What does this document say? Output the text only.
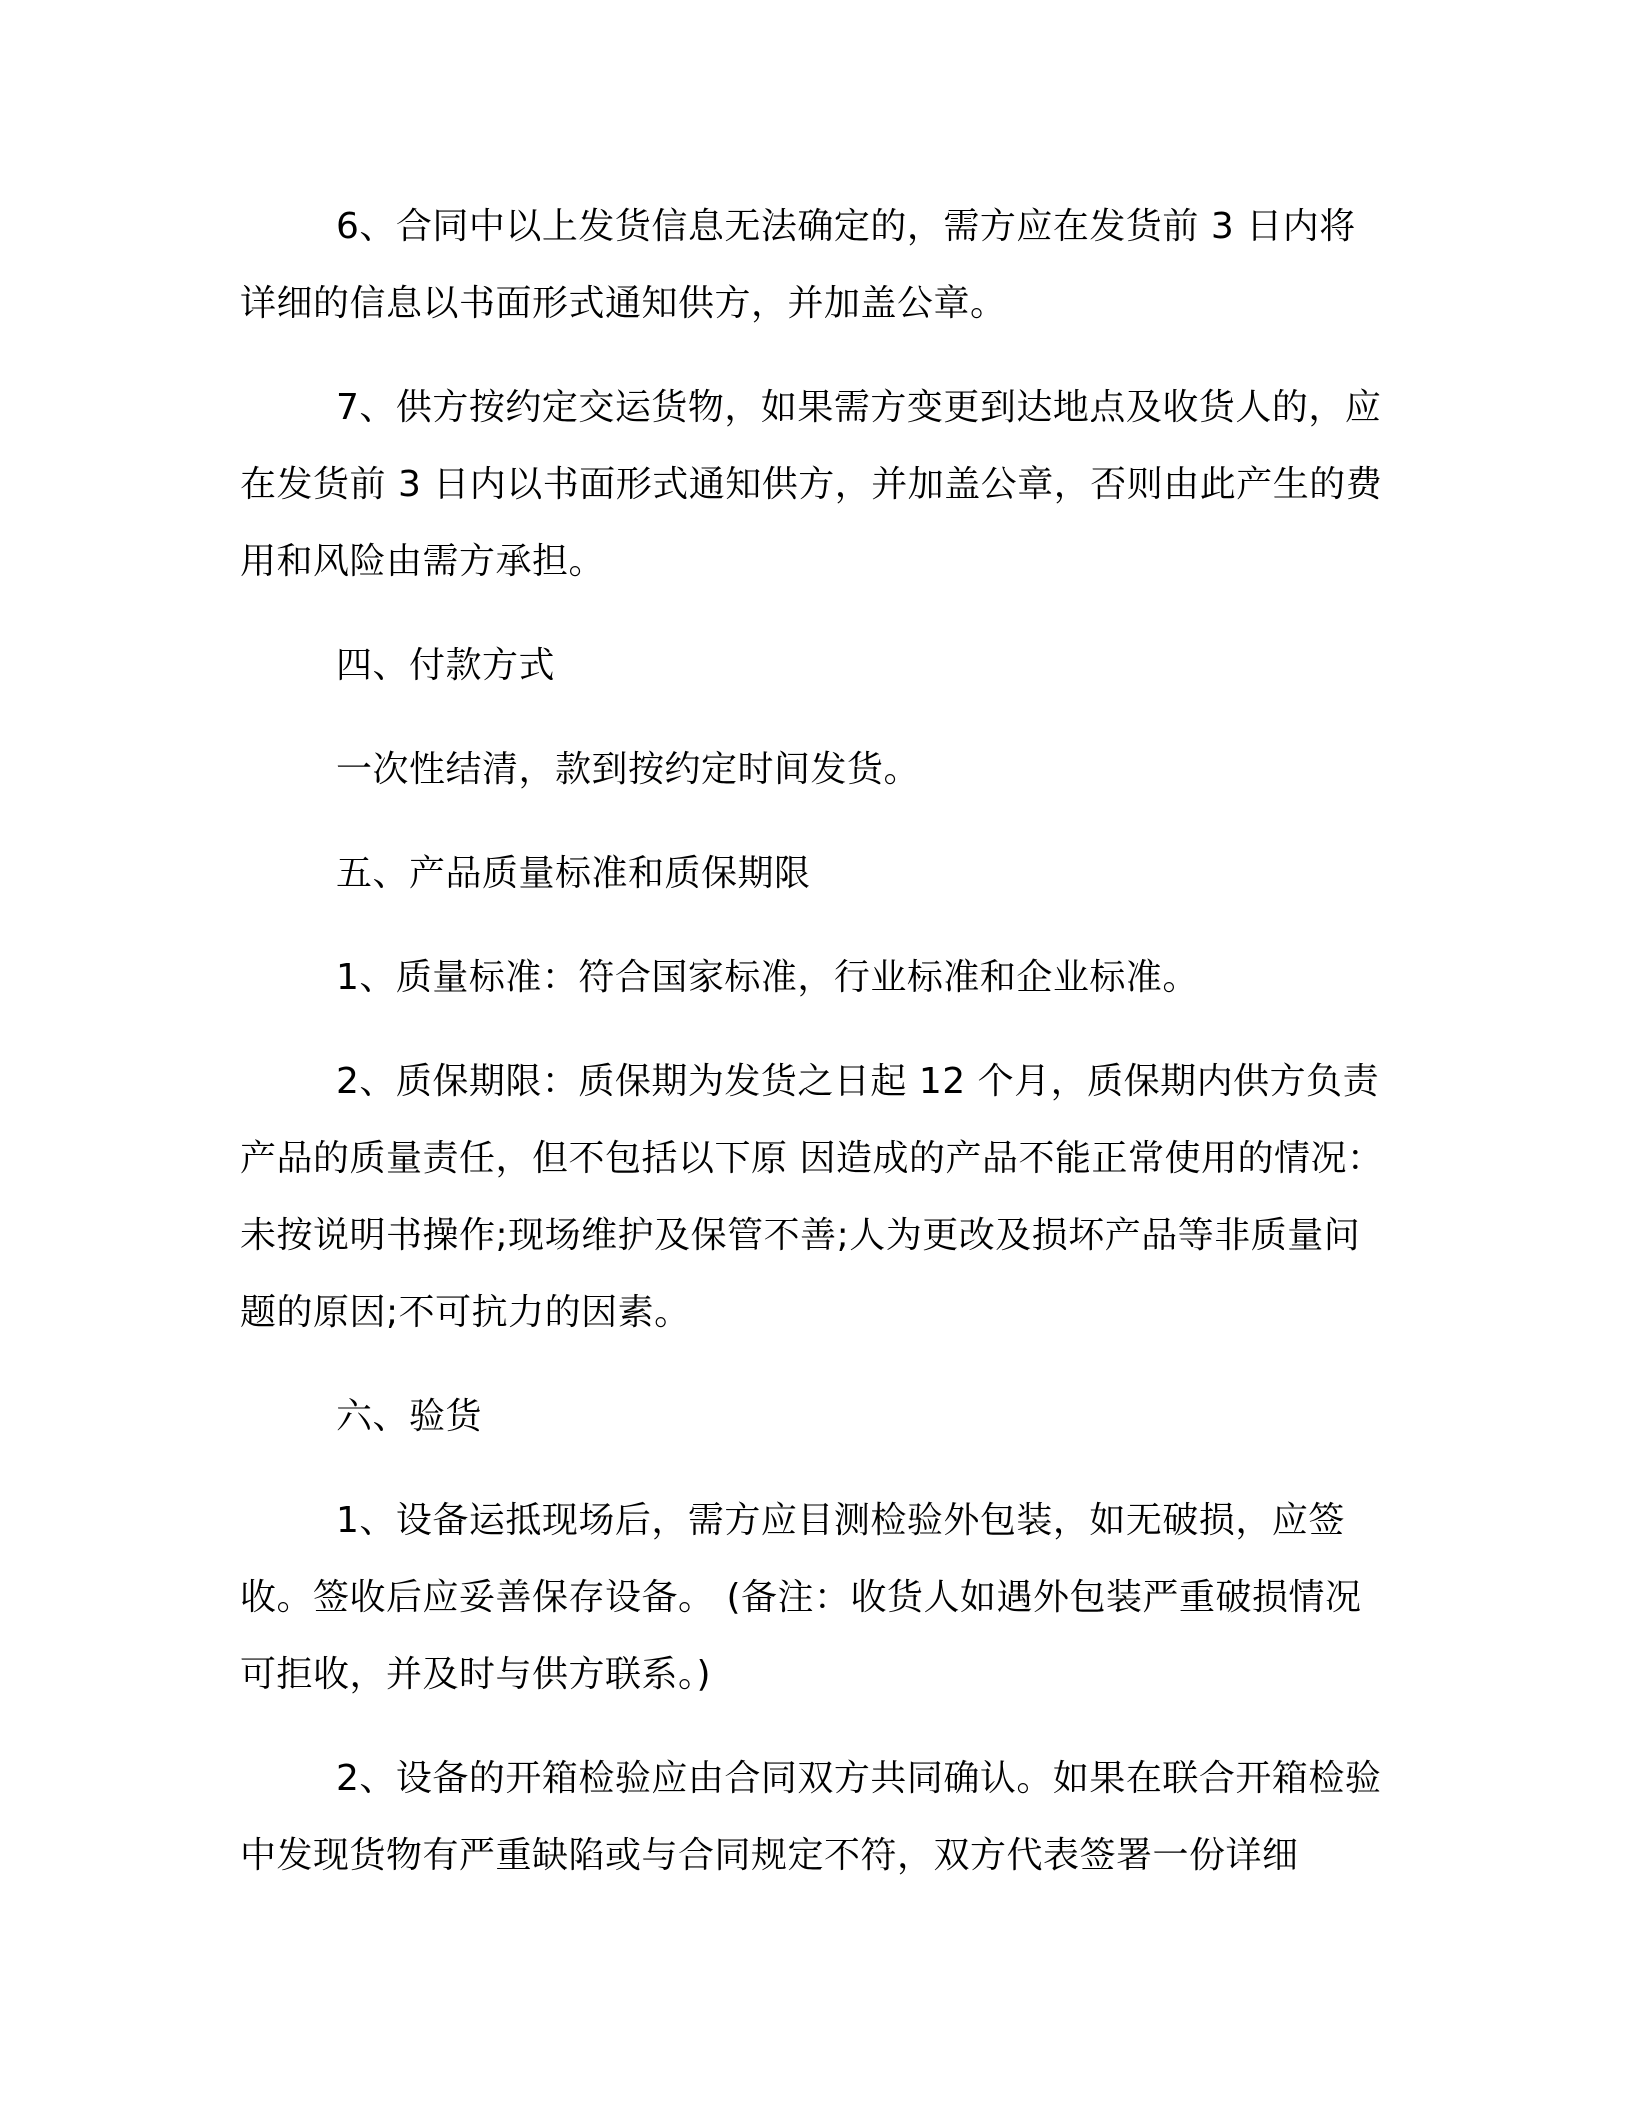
6、合同中以上发货信息无法确定的，需方应在发货前 3 日内将详细的信息以书面形式通知供方，并加盖公章。

7、供方按约定交运货物，如果需方变更到达地点及收货人的，应在发货前 3 日内以书面形式通知供方，并加盖公章，否则由此产生的费用和风险由需方承担。

四、付款方式

一次性结清，款到按约定时间发货。

五、产品质量标准和质保期限

1、质量标准：符合国家标准，行业标准和企业标准。

2、质保期限：质保期为发货之日起 12 个月，质保期内供方负责产品的质量责任，但不包括以下原 因造成的产品不能正常使用的情况：未按说明书操作;现场维护及保管不善;人为更改及损坏产品等非质量问题的原因;不可抗力的因素。

六、验货

1、设备运抵现场后，需方应目测检验外包装，如无破损，应签收。签收后应妥善保存设备。 (备注：收货人如遇外包装严重破损情况可拒收，并及时与供方联系。)

2、设备的开箱检验应由合同双方共同确认。如果在联合开箱检验中发现货物有严重缺陷或与合同规定不符，双方代表签署一份详细
